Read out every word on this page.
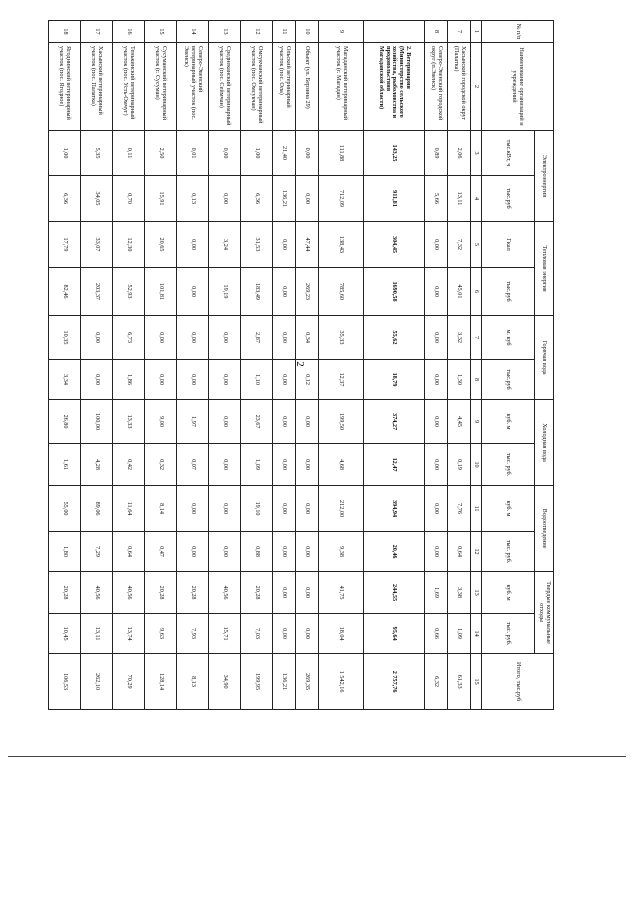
2
№ п/п	Наименование организаций и учреждений	Электроэнергия		Тепловая энергия		Горячая вода		Холодная вода		Водоотведение		Твердые коммунальные отходы		Итого, тыс.руб
		тыс.кВт, ч	тыс.руб	Гкал	тыс.руб	м. куб	тыс.руб	куб. м	тыс. руб.	куб. м	тыс. руб.	куб. м	тыс. руб.	
1	2	3	4	5	6	7	8	9	10	11	12	13	14	15
7	Хасынский городской округ (Палатка)	2,06	13,11	7,32	45,01	3,32	1,30	4,45	0,19	7,76	0,64	3,38	1,09	61,33
8	Северо-Эвенский городской округ (п.Эвенск)	0,89	5,66	0,00	0,00	0,00	0,00	0,00	0,00	0,00	0,00	1,69	0,66	6,32
	2. Ветеринария (Министерство сельского хозяйства, рыболовства и продовольствия Магаданской области)	143,25	911,81	304,45	1690,58	55,62	18,79	374,27	12,47	394,94	20,46	244,55	95,64	2 757,76
9	Магаданский ветеринарный участок (г. Магадан)	111,88	712,09	138,43	785,60	35,33	12,37	199,50	4,68	212,00	9,38	41,75	18,04	1 542,16
10	Объект (ул. Берзина 29)	0,00	0,00	47,44	269,23	0,34	0,12	0,00	0,00	0,00	0,00	0,00	0,00	269,35
11	Ольский ветеринарный участок (пос. Ола)	21,40	136,21	0,00	0,00	0,00	0,00	0,00	0,00	0,00	0,00	0,00	0,00	136,21
12	Омсукчанский ветеринарный участок (пос. Омсукчан)	1,00	6,36	31,53	183,49	2,87	1,10	23,67	1,09	19,10	0,88	20,28	7,03	199,95
13	Среднеканский ветеринарный участок (пос. Сеймчан)	0,00	0,00	3,24	19,19	0,00	0,00	0,00	0,00	0,00	0,00	40,56	15,71	34,90
14	Северо-Эвенский ветеринарный участок (пос. Эвенск)	0,01	0,13	0,00	0,00	0,00	0,00	1,97	0,07	0,00	0,00	20,28	7,93	8,13
15	Сусуманский ветеринарный участок (г. Сусуман)	2,50	15,91	20,65	101,81	0,00	0,00	9,00	0,32	8,14	0,47	20,28	9,63	128,14
16	Тенькинский ветеринарный участок (пос. Усть-Омчуг)	0,11	0,70	12,30	52,93	6,73	1,86	13,33	0,42	11,64	0,64	40,56	13,74	70,29
17	Хасынский ветеринарный участок (пос. Палатка)	5,35	34,05	33,07	203,37	0,00	0,00	100,00	4,28	89,06	7,29	40,56	13,11	262,10
18	Ягоднинский ветеринарный участок (пос. Ягодное)	1,00	6,36	17,79	82,46	10,35	3,34	26,80	1,61	55,00	1,80	20,28	10,45	106,53
